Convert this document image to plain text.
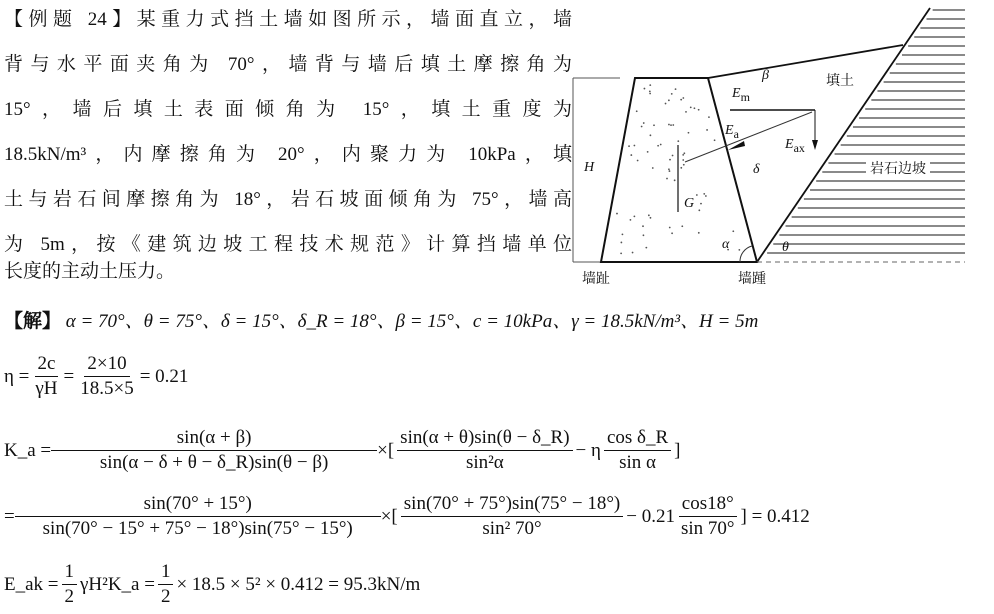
【例题 24】某重力式挡土墙如图所示，墙面直立，墙
背与水平面夹角为 70°，墙背与墙后填土摩擦角为
15°，墙后填土表面倾角为 15°，填土重度为
18.5kN/m³，内摩擦角为 20°，内聚力为 10kPa，填
土与岩石间摩擦角为 18°，岩石坡面倾角为 75°，墙高
为 5m，按《建筑边坡工程技术规范》计算挡墙单位
长度的主动土压力。
β	填土
$E_m$
$E_a$
$E_{ax}$
δ	岩石边坡
H
G
α	θ
墙趾	墙踵
【解】
α = 70°、θ = 75°、δ = 15°、δ_R = 18°、β = 15°、c = 10kPa、γ = 18.5kN/m³、H = 5m
$\eta = \frac{2c}{\gamma H} = \frac{2\times 10}{18.5\times 5} = 0.21$
K_a = $\frac{\sin(\alpha + \beta)}{\sin(\alpha - \delta + \theta - \delta\_R)\sin(\theta - \beta)}$ ×[ $\frac{\sin(\alpha + \theta)\sin(\theta - \delta\_R)}{\text{sin²α}} - \eta \frac{\text{cos δ\_R}}{\text{sin α}}$ ]
= $\frac{\sin(70^\circ + 15^\circ)}{\sin(70^\circ - 15^\circ + 75^\circ - 18^\circ)\sin(75^\circ - 15^\circ)}$ ×[ $\frac{\sin(70^\circ + 75^\circ)\sin(75^\circ - 18^\circ)}{\text{sin² 70°}} - 0.21 \frac{\cos 18^\circ}{\sin 70^\circ}$ ] = 0.412
E_ak = $\frac{1}{2}$ γH²K_a = $\frac{1}{2} \times 18.5 \times 5^2 \times 0.412 = 95.3kN/m$
